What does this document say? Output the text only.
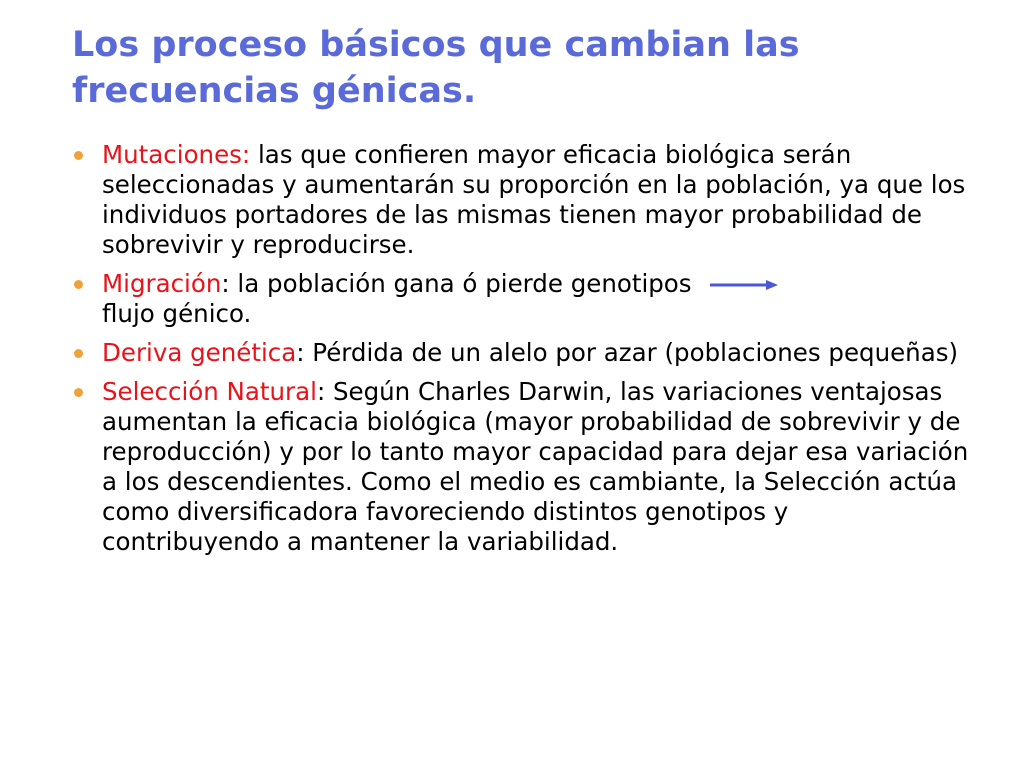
Los proceso básicos que cambian las frecuencias génicas.
Mutaciones: las que confieren mayor eficacia biológica serán seleccionadas y aumentarán su proporción en la población, ya que los individuos portadores de las mismas tienen mayor probabilidad de sobrevivir y reproducirse.
Migración: la población gana ó pierde genotipos
flujo génico.
Deriva genética: Pérdida de un alelo por azar (poblaciones pequeñas)
Selección Natural: Según Charles Darwin, las variaciones ventajosas aumentan la eficacia biológica (mayor probabilidad de sobrevivir y de reproducción) y por lo tanto mayor capacidad para dejar esa variación a los descendientes. Como el medio es cambiante, la Selección actúa como diversificadora favoreciendo distintos genotipos y contribuyendo a mantener la variabilidad.
